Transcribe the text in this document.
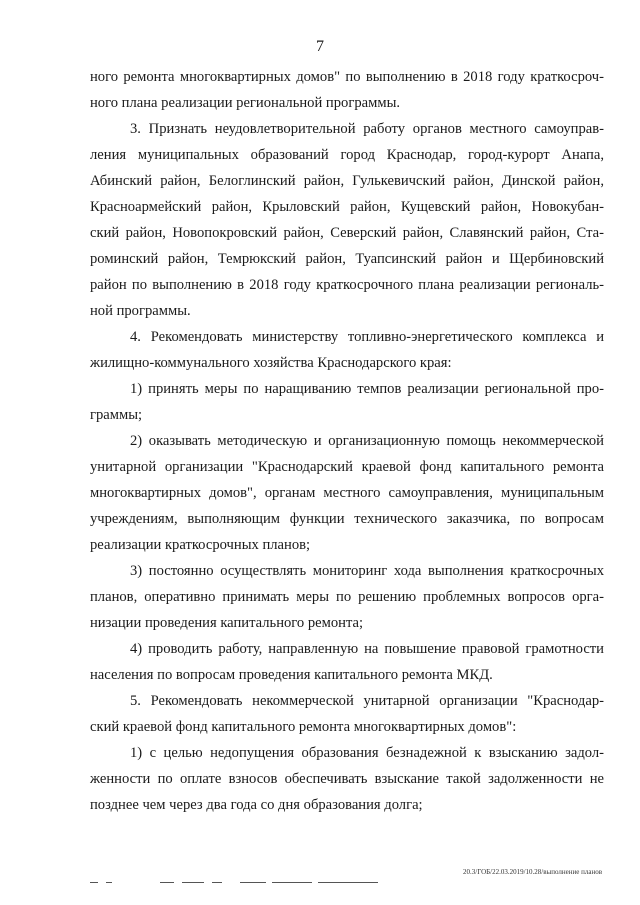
7
ного ремонта многоквартирных домов" по выполнению в 2018 году краткосроч-
ного плана реализации региональной программы.
3. Признать неудовлетворительной работу органов местного самоуправ-
ления муниципальных образований город Краснодар, город-курорт Анапа,
Абинский район, Белоглинский район, Гулькевичский район, Динской район,
Красноармейский район, Крыловский район, Кущевский район, Новокубан-
ский район, Новопокровский район, Северский район, Славянский район, Ста-
роминский район, Темрюкский район, Туапсинский район и Щербиновский
район по выполнению в 2018 году краткосрочного плана реализации региональ-
ной программы.
4. Рекомендовать министерству топливно-энергетического комплекса и
жилищно-коммунального хозяйства Краснодарского края:
1) принять меры по наращиванию темпов реализации региональной про-
граммы;
2) оказывать методическую и организационную помощь некоммерческой
унитарной организации "Краснодарский краевой фонд капитального ремонта
многоквартирных домов", органам местного самоуправления, муниципальным
учреждениям, выполняющим функции технического заказчика, по вопросам
реализации краткосрочных планов;
3) постоянно осуществлять мониторинг хода выполнения краткосрочных
планов, оперативно принимать меры по решению проблемных вопросов орга-
низации проведения капитального ремонта;
4) проводить работу, направленную на повышение правовой грамотности
населения по вопросам проведения капитального ремонта МКД.
5. Рекомендовать некоммерческой унитарной организации "Краснодар-
ский краевой фонд капитального ремонта многоквартирных домов":
1) с целью недопущения образования безнадежной к взысканию задол-
женности по оплате взносов обеспечивать взыскание такой задолженности не
позднее чем через два года со дня образования долга;
20.3/ГОБ/22.03.2019/10.28/выполнение планов
